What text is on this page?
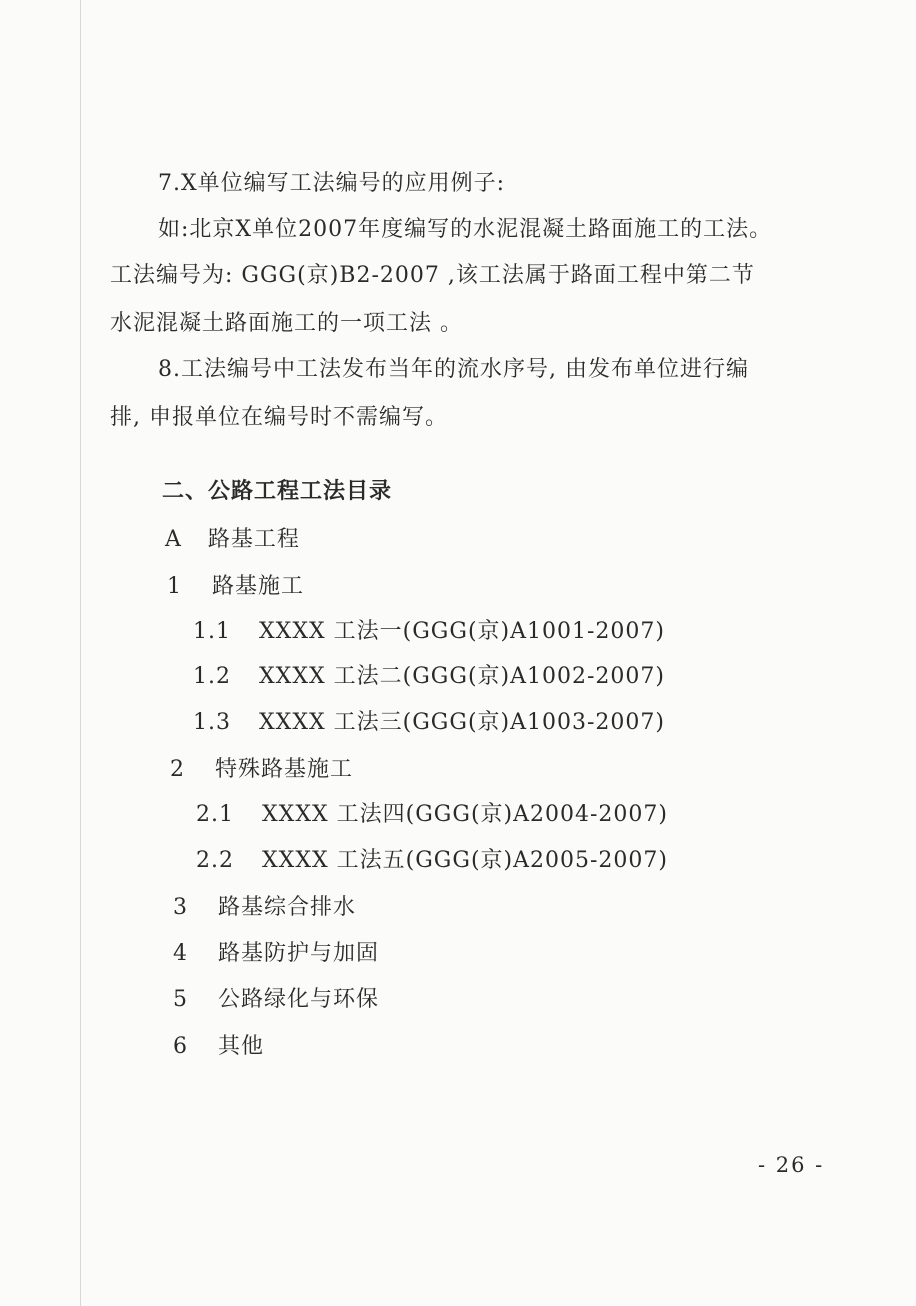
7.X单位编写工法编号的应用例子:
如:北京X单位2007年度编写的水泥混凝土路面施工的工法。
工法编号为: GGG(京)B2-2007 ,该工法属于路面工程中第二节
水泥混凝土路面施工的一项工法 。
8.工法编号中工法发布当年的流水序号, 由发布单位进行编
排, 申报单位在编号时不需编写。
二、公路工程工法目录
A 路基工程
1 路基施工
1.1 XXXX 工法一(GGG(京)A1001-2007)
1.2 XXXX 工法二(GGG(京)A1002-2007)
1.3 XXXX 工法三(GGG(京)A1003-2007)
2 特殊路基施工
2.1 XXXX 工法四(GGG(京)A2004-2007)
2.2 XXXX 工法五(GGG(京)A2005-2007)
3 路基综合排水
4 路基防护与加固
5 公路绿化与环保
6 其他
- 26 -
